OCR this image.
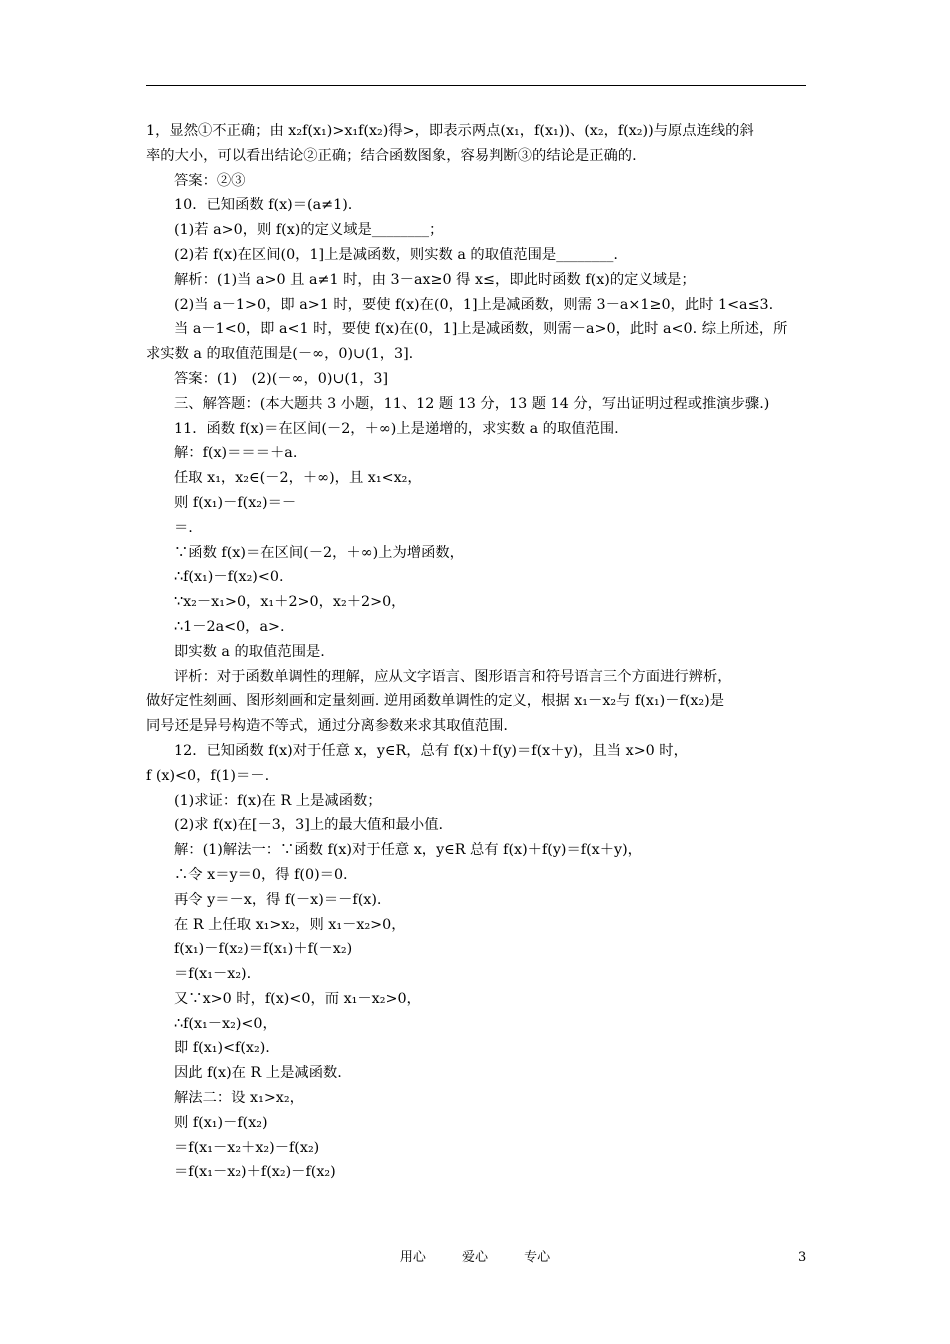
1，显然①不正确；由 x₂f(x₁)>x₁f(x₂)得>，即表示两点(x₁，f(x₁))、(x₂，f(x₂))与原点连线的斜
率的大小，可以看出结论②正确；结合函数图象，容易判断③的结论是正确的.
答案：②③
10．已知函数 f(x)＝(a≠1).
(1)若 a>0，则 f(x)的定义域是________；
(2)若 f(x)在区间(0，1]上是减函数，则实数 a 的取值范围是________.
解析：(1)当 a>0 且 a≠1 时，由 3－ax≥0 得 x≤，即此时函数 f(x)的定义域是；
(2)当 a－1>0，即 a>1 时，要使 f(x)在(0，1]上是减函数，则需 3－a×1≥0，此时 1<a≤3.
当 a－1<0，即 a<1 时，要使 f(x)在(0，1]上是减函数，则需－a>0，此时 a<0. 综上所述，所
求实数 a 的取值范围是(－∞，0)∪(1，3].
答案：(1)　(2)(－∞，0)∪(1，3]
三、解答题：(本大题共 3 小题，11、12 题 13 分，13 题 14 分，写出证明过程或推演步骤.)
11．函数 f(x)＝在区间(－2，＋∞)上是递增的，求实数 a 的取值范围.
解：f(x)＝＝＝＋a.
任取 x₁，x₂∈(－2，＋∞)，且 x₁<x₂，
则 f(x₁)－f(x₂)＝－
＝.
∵函数 f(x)＝在区间(－2，＋∞)上为增函数，
∴f(x₁)－f(x₂)<0.
∵x₂－x₁>0，x₁＋2>0，x₂＋2>0，
∴1－2a<0，a>.
即实数 a 的取值范围是.
评析：对于函数单调性的理解，应从文字语言、图形语言和符号语言三个方面进行辨析，
做好定性刻画、图形刻画和定量刻画. 逆用函数单调性的定义，根据 x₁－x₂与 f(x₁)－f(x₂)是
同号还是异号构造不等式，通过分离参数来求其取值范围.
12．已知函数 f(x)对于任意 x，y∈R，总有 f(x)＋f(y)＝f(x＋y)，且当 x>0 时，
f (x)<0，f(1)＝－.
(1)求证：f(x)在 R 上是减函数；
(2)求 f(x)在[－3，3]上的最大值和最小值.
解：(1)解法一：∵函数 f(x)对于任意 x，y∈R 总有 f(x)＋f(y)＝f(x＋y)，
∴令 x＝y＝0，得 f(0)＝0.
再令 y＝－x，得 f(－x)＝－f(x).
在 R 上任取 x₁>x₂，则 x₁－x₂>0，
f(x₁)－f(x₂)＝f(x₁)＋f(－x₂)
＝f(x₁－x₂).
又∵x>0 时，f(x)<0，而 x₁－x₂>0，
∴f(x₁－x₂)<0，
即 f(x₁)<f(x₂).
因此 f(x)在 R 上是减函数.
解法二：设 x₁>x₂，
则 f(x₁)－f(x₂)
＝f(x₁－x₂＋x₂)－f(x₂)
＝f(x₁－x₂)＋f(x₂)－f(x₂)
用心	爱心	专心	3
